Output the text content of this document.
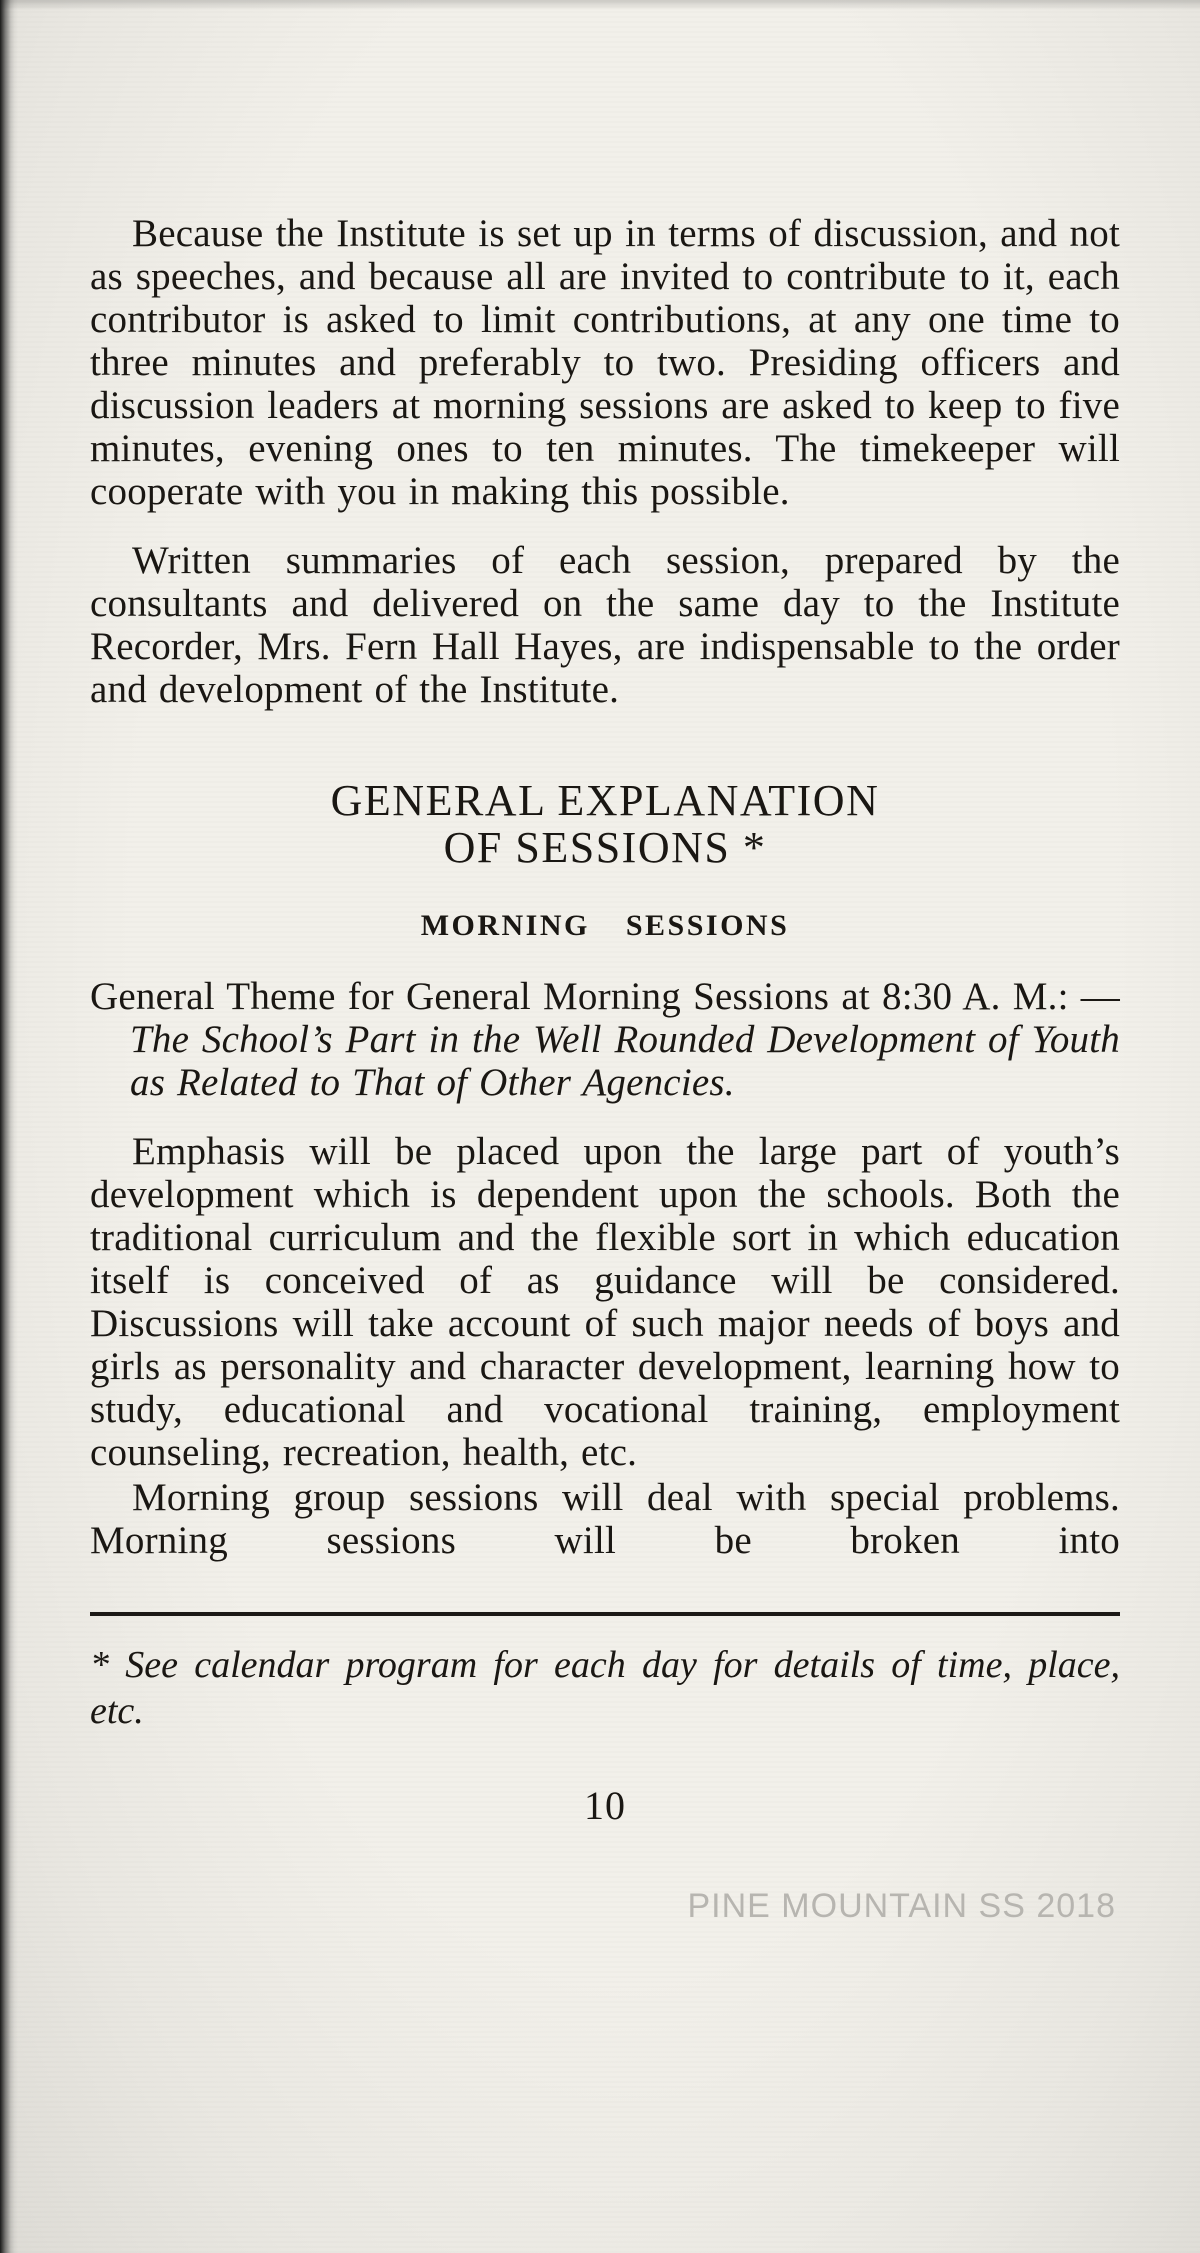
Because the Institute is set up in terms of discussion, and not as speeches, and because all are invited to contribute to it, each contributor is asked to limit contributions, at any one time to three minutes and preferably to two. Presiding officers and discussion leaders at morning sessions are asked to keep to five minutes, evening ones to ten minutes. The timekeeper will cooperate with you in making this possible.

Written summaries of each session, prepared by the consultants and delivered on the same day to the Institute Recorder, Mrs. Fern Hall Hayes, are indispensable to the order and development of the Institute.

GENERAL EXPLANATION
OF SESSIONS *
MORNING SESSIONS

General Theme for General Morning Sessions at 8:30 A. M.: — The School’s Part in the Well Rounded Development of Youth as Related to That of Other Agencies.

Emphasis will be placed upon the large part of youth’s development which is dependent upon the schools. Both the traditional curriculum and the flexible sort in which education itself is conceived of as guidance will be considered. Discussions will take account of such major needs of boys and girls as personality and character development, learning how to study, educational and vocational training, employment counseling, recreation, health, etc.

Morning group sessions will deal with special problems. Morning sessions will be broken into

* See calendar program for each day for details of time, place, etc.

10
PINE MOUNTAIN SS 2018
